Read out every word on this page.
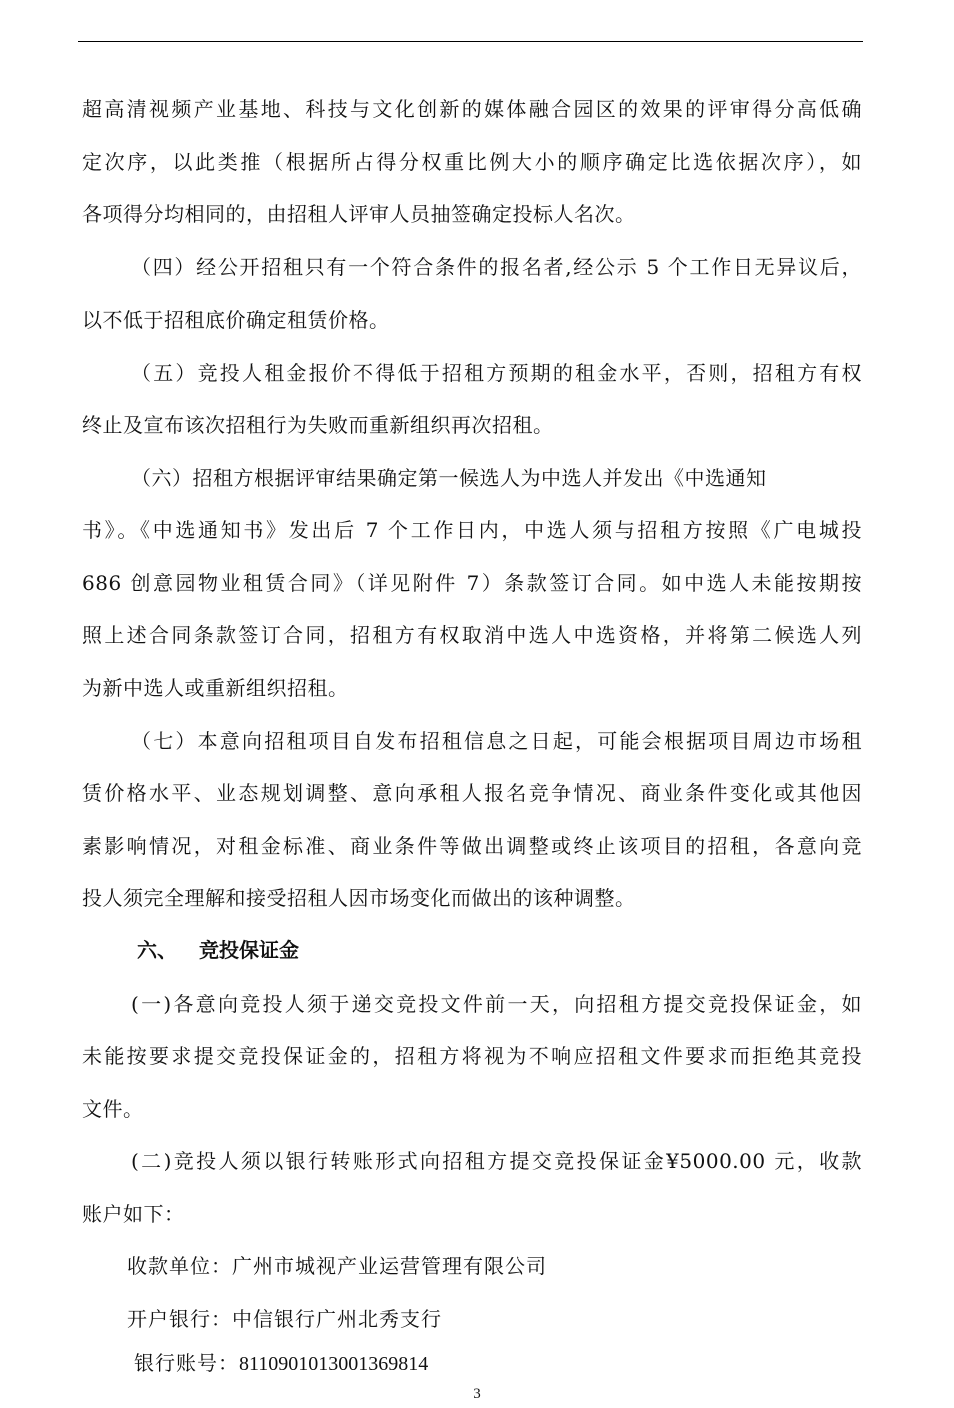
超高清视频产业基地、科技与文化创新的媒体融合园区的效果的评审得分高低确

定次序，以此类推（根据所占得分权重比例大小的顺序确定比选依据次序），如

各项得分均相同的，由招租人评审人员抽签确定投标人名次。

（四）经公开招租只有一个符合条件的报名者,经公示 5 个工作日无异议后，

以不低于招租底价确定租赁价格。

（五）竞投人租金报价不得低于招租方预期的租金水平，否则，招租方有权

终止及宣布该次招租行为失败而重新组织再次招租。

（六）招租方根据评审结果确定第一候选人为中选人并发出《中选通知

书》。《中选通知书》发出后 7 个工作日内，中选人须与招租方按照《广电城投

686 创意园物业租赁合同》（详见附件 7）条款签订合同。如中选人未能按期按

照上述合同条款签订合同，招租方有权取消中选人中选资格，并将第二候选人列

为新中选人或重新组织招租。

（七）本意向招租项目自发布招租信息之日起，可能会根据项目周边市场租

赁价格水平、业态规划调整、意向承租人报名竞争情况、商业条件变化或其他因

素影响情况，对租金标准、商业条件等做出调整或终止该项目的招租，各意向竞

投人须完全理解和接受招租人因市场变化而做出的该种调整。

六、 竞投保证金

(一)各意向竞投人须于递交竞投文件前一天，向招租方提交竞投保证金，如

未能按要求提交竞投保证金的，招租方将视为不响应招租文件要求而拒绝其竞投

文件。

(二)竞投人须以银行转账形式向招租方提交竞投保证金¥5000.00 元，收款

账户如下：

收款单位：广州市城视产业运营管理有限公司
开户银行：中信银行广州北秀支行
银行账号：8110901013001369814
3
